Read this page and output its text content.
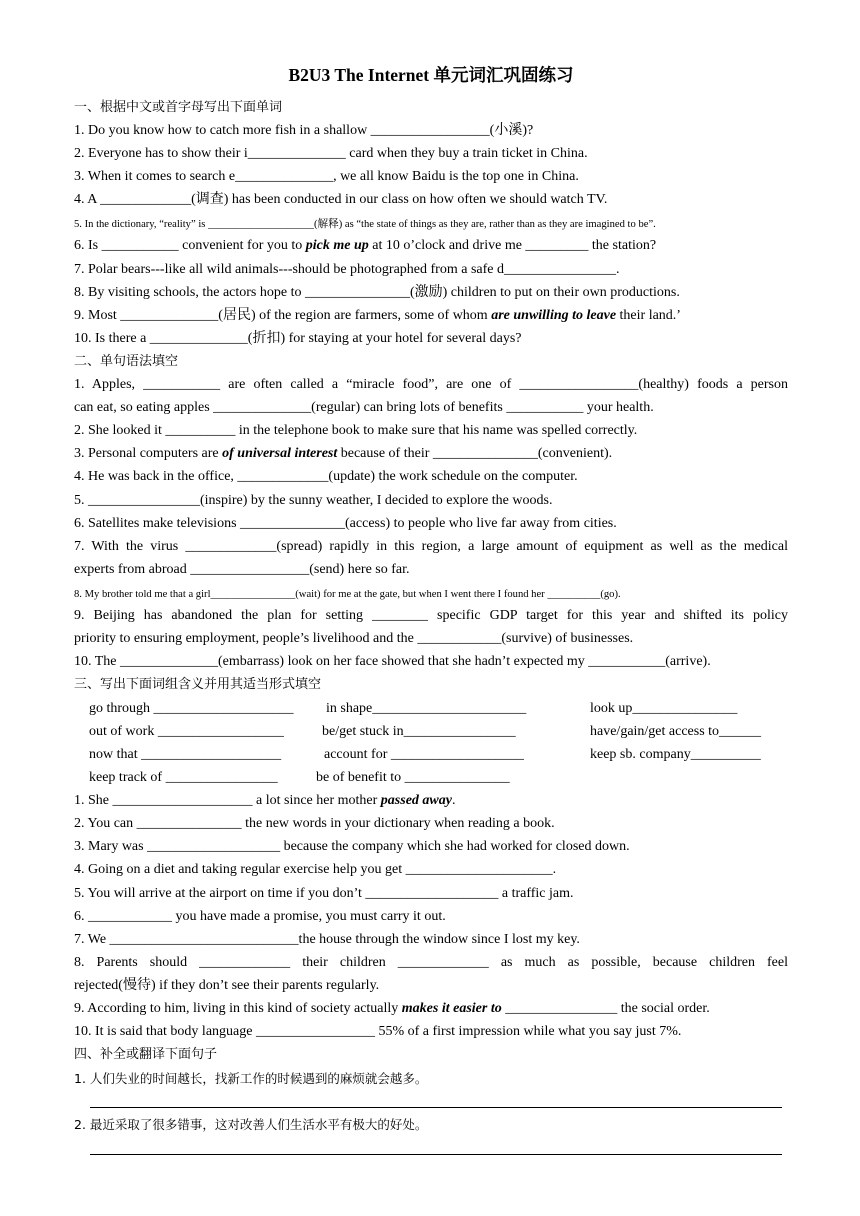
B2U3 The Internet 单元词汇巩固练习
一、根据中文或首字母写出下面单词
1. Do you know how to catch more fish in a shallow _________________(小溪)?
2. Everyone has to show their i______________ card when they buy a train ticket in China.
3. When it comes to search e______________, we all know Baidu is the top one in China.
4. A _____________(调查) has been conducted in our class on how often we should watch TV.
5. In the dictionary, “reality” is ____________________(解释) as “the state of things as they are, rather than as they are imagined to be”.
6. Is ___________ convenient for you to pick me up at 10 o’clock and drive me _________ the station?
7. Polar bears---like all wild animals---should be photographed from a safe d________________.
8. By visiting schools, the actors hope to _______________(激励) children to put on their own productions.
9. Most ______________(居民) of the region are farmers, some of whom are unwilling to leave their land.’
10. Is there a ______________(折扣) for staying at your hotel for several days?
二、单句语法填空
1. Apples, ___________ are often called a “miracle food”, are one of _________________(healthy) foods a person
can eat, so eating apples ______________(regular) can bring lots of benefits ___________ your health.
2. She looked it __________ in the telephone book to make sure that his name was spelled correctly.
3. Personal computers are of universal interest because of their _______________(convenient).
4. He was back in the office, _____________(update) the work schedule on the computer.
5. ________________(inspire) by the sunny weather, I decided to explore the woods.
6. Satellites make televisions _______________(access) to people who live far away from cities.
7. With the virus _____________(spread) rapidly in this region, a large amount of equipment as well as the medical
experts from abroad _________________(send) here so far.
8. My brother told me that a girl________________(wait) for me at the gate, but when I went there I found her __________(go).
9. Beijing has abandoned the plan for setting ________ specific GDP target for this year and shifted its policy
priority to ensuring employment, people’s livelihood and the ____________(survive) of businesses.
10. The ______________(embarrass) look on her face showed that she hadn’t expected my ___________(arrive).
三、写出下面词组含义并用其适当形式填空
go through ____________________ in shape______________________	look up_______________
out of work __________________	be/get stuck in________________	have/gain/get access to______
now that ____________________	account for ___________________	keep sb. company__________
keep track of ________________	be of benefit to _______________
1. She ____________________ a lot since her mother passed away.
2. You can _______________ the new words in your dictionary when reading a book.
3. Mary was ___________________ because the company which she had worked for closed down.
4. Going on a diet and taking regular exercise help you get _____________________.
5. You will arrive at the airport on time if you don’t ___________________ a traffic jam.
6. ____________ you have made a promise, you must carry it out.
7. We ___________________________the house through the window since I lost my key.
8. Parents should _____________ their children _____________ as much as possible, because children feel
rejected(慢待) if they don’t see their parents regularly.
9. According to him, living in this kind of society actually makes it easier to ________________ the social order.
10. It is said that body language _________________ 55% of a first impression while what you say just 7%.
四、补全或翻译下面句子
1. 人们失业的时间越长，找新工作的时候遇到的麻烦就会越多。
2. 最近采取了很多错事，这对改善人们生活水平有极大的好处。
